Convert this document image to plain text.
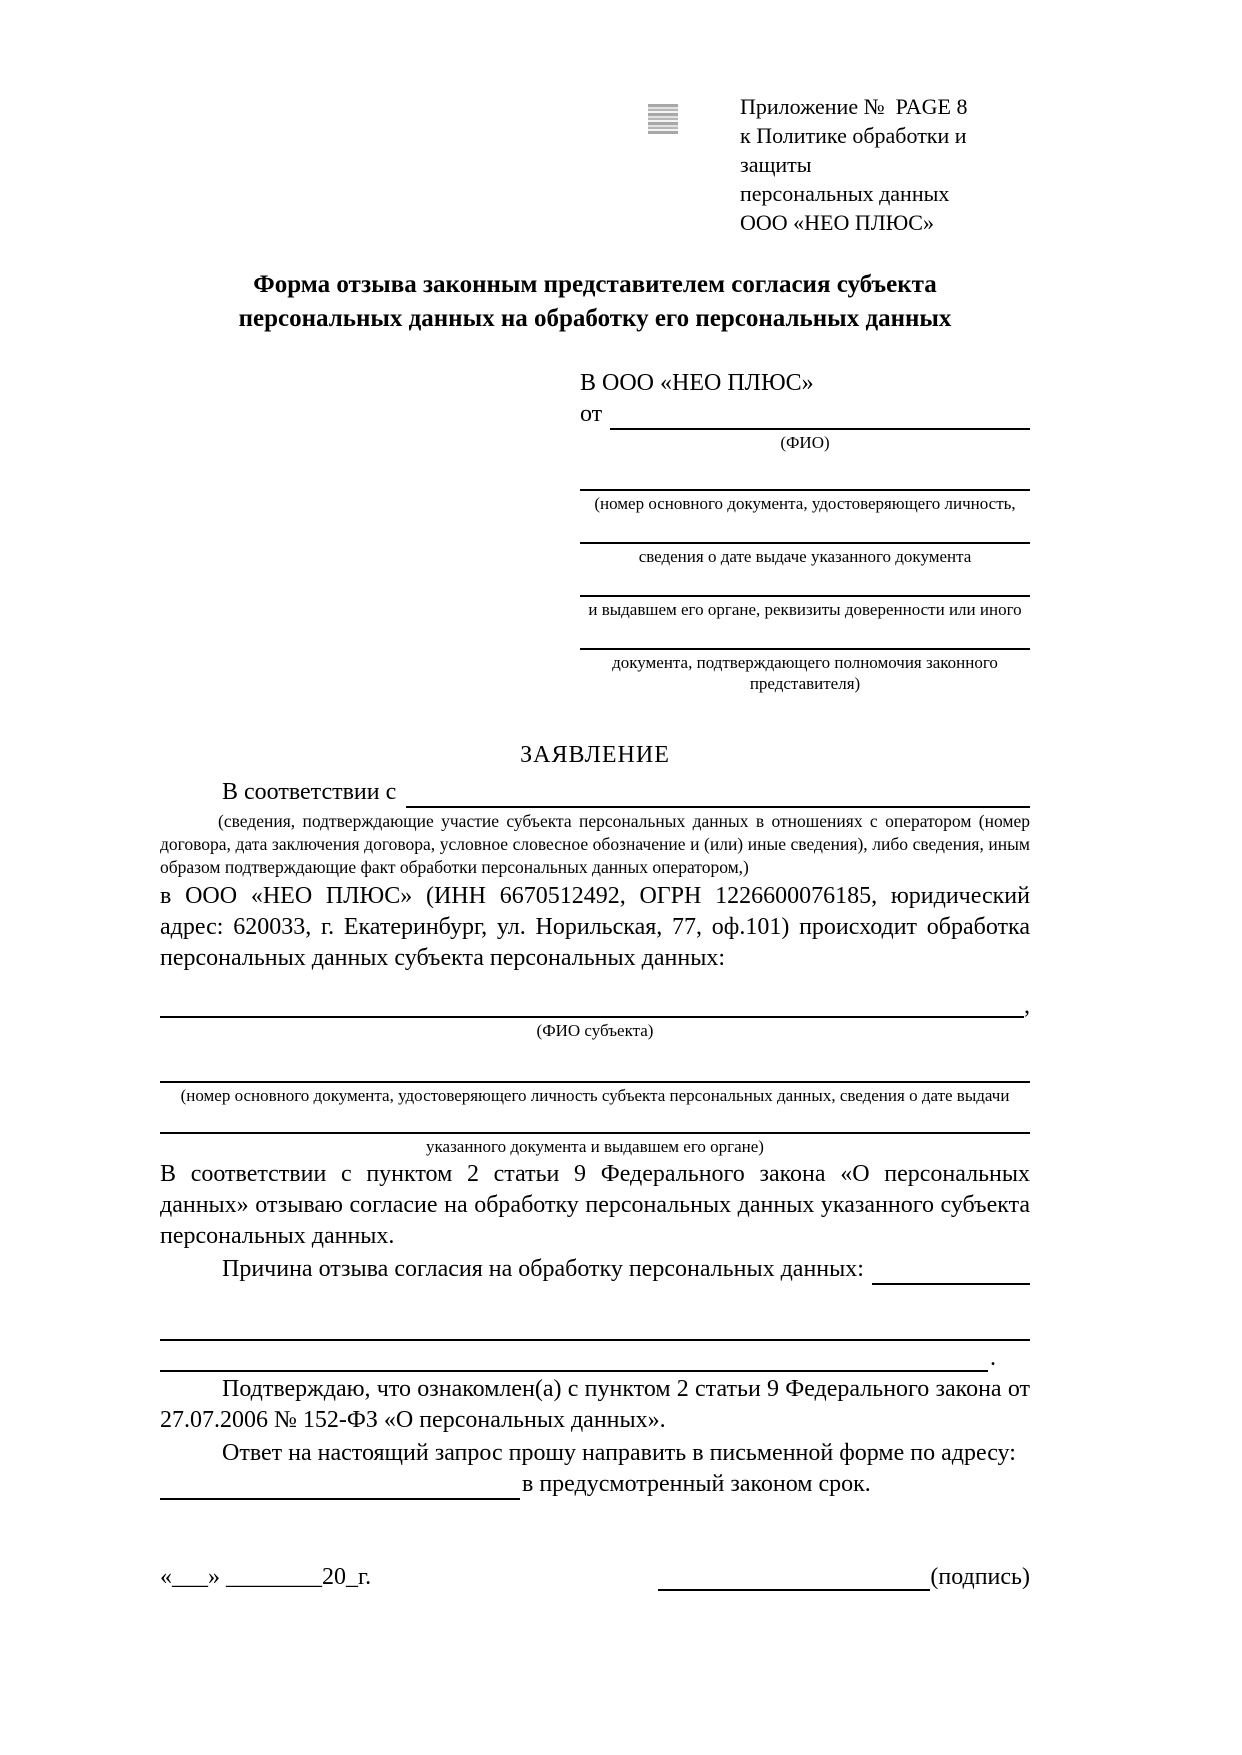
Приложение №  PAGE 8
к Политике обработки и защиты
персональных данных
ООО «НЕО ПЛЮС»
Форма отзыва законным представителем согласия субъекта
персональных данных на обработку его персональных данных
В ООО «НЕО ПЛЮС»
от
(ФИО)
(номер основного документа, удостоверяющего личность,
сведения о дате выдаче указанного документа
и выдавшем его органе, реквизиты доверенности или иного
документа, подтверждающего полномочия законного представителя)
ЗАЯВЛЕНИЕ
В соответствии с
(сведения, подтверждающие участие субъекта персональных данных в отношениях с оператором (номер договора, дата заключения договора, условное словесное обозначение и (или) иные сведения), либо сведения, иным образом подтверждающие факт обработки персональных данных оператором,)
в ООО «НЕО ПЛЮС» (ИНН 6670512492, ОГРН 1226600076185, юридический адрес: 620033, г. Екатеринбург, ул. Норильская, 77, оф.101) происходит обработка персональных данных субъекта персональных данных:
,
(ФИО субъекта)
(номер основного документа, удостоверяющего личность субъекта персональных данных, сведения о дате выдачи
указанного документа и выдавшем его органе)
В соответствии с пунктом 2 статьи 9 Федерального закона «О персональных данных» отзываю согласие на обработку персональных данных указанного субъекта персональных данных.
Причина отзыва согласия на обработку персональных данных:
.
Подтверждаю, что ознакомлен(а) с пунктом 2 статьи 9 Федерального закона от 27.07.2006 № 152-ФЗ «О персональных данных».
Ответ на настоящий запрос прошу направить в письменной форме по адресу:
в предусмотренный законом срок.
«___» ________20_г.	(подпись)
